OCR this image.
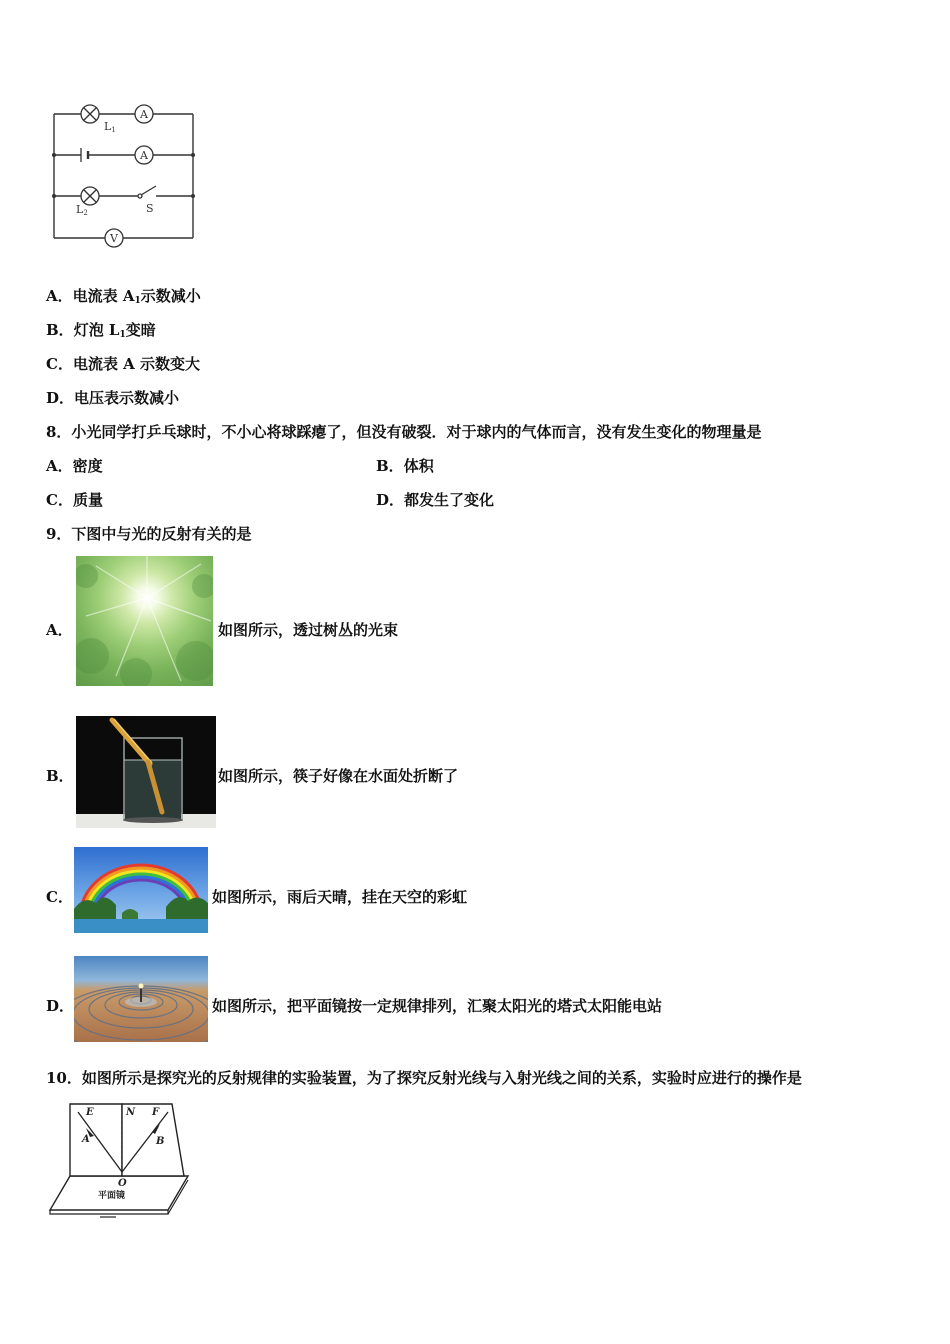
L1
A
A
L2	S
V
A．电流表 $A_1$示数减小
B．灯泡 $L_1$变暗
C．电流表 A 示数变大
D．电压表示数减小
8．小光同学打乒乓球时，不小心将球踩瘪了，但没有破裂．对于球内的气体而言，没有发生变化的物理量是
A．密度	B．体积
C．质量	D．都发生了变化
9．下图中与光的反射有关的是
A．	如图所示，透过树丛的光束
B．	如图所示，筷子好像在水面处折断了
C．	如图所示，雨后天晴，挂在天空的彩虹
D．	如图所示，把平面镜按一定规律排列，汇聚太阳光的塔式太阳能电站
10．如图所示是探究光的反射规律的实验装置，为了探究反射光线与入射光线之间的关系，实验时应进行的操作是
E	N F
A	B
O
平面镜
